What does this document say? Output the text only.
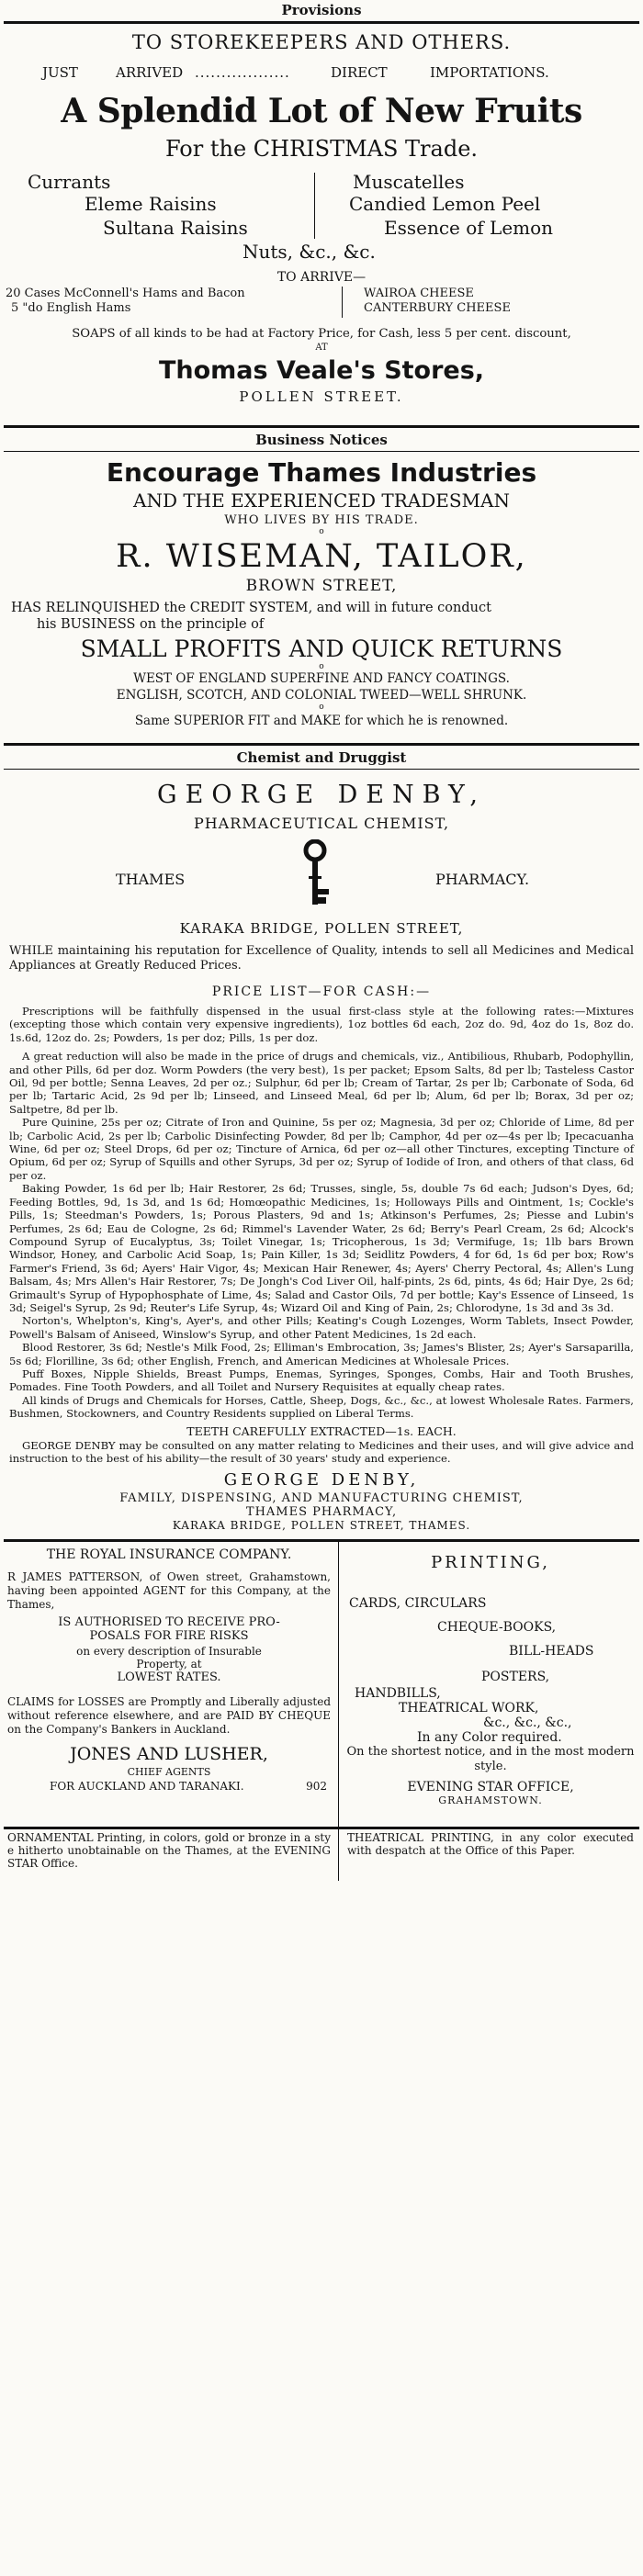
Provisions
TO STOREKEEPERS AND OTHERS.
JUST	ARRIVED ..................	DIRECT	IMPORTATIONS.
A Splendid Lot of New Fruits
For the CHRISTMAS Trade.
Currants
Eleme Raisins
Sultana Raisins
Muscatelles
Candied Lemon Peel
Essence of Lemon
Nuts, &c., &c.
TO ARRIVE—
20 Cases McConnell's Hams and Bacon
5 "do English Hams
WAIROA CHEESE
CANTERBURY CHEESE
SOAPS of all kinds to be had at Factory Price, for Cash, less 5 per cent. discount,
AT
Thomas Veale's Stores,
POLLEN STREET.
Business Notices
Encourage Thames Industries
AND THE EXPERIENCED TRADESMAN
WHO LIVES BY HIS TRADE.
o
R. WISEMAN, TAILOR,
BROWN STREET,
HAS RELINQUISHED the CREDIT SYSTEM, and will in future conduct
his BUSINESS on the principle of
SMALL PROFITS AND QUICK RETURNS
o
WEST OF ENGLAND SUPERFINE AND FANCY COATINGS.
ENGLISH, SCOTCH, AND COLONIAL TWEED—WELL SHRUNK.
o
Same SUPERIOR FIT and MAKE for which he is renowned.
Chemist and Druggist
GEORGE DENBY,
PHARMACEUTICAL CHEMIST,
THAMES	PHARMACY.
KARAKA BRIDGE, POLLEN STREET,
WHILE maintaining his reputation for Excellence of Quality, intends to sell all Medicines and Medical Appliances at Greatly Reduced Prices.
PRICE LIST—FOR CASH:—
Prescriptions will be faithfully dispensed in the usual first-class style at the following rates:—Mixtures (excepting those which contain very expensive ingredients), 1oz bottles 6d each, 2oz do. 9d, 4oz do 1s, 8oz do. 1s.6d, 12oz do. 2s; Powders, 1s per doz; Pills, 1s per doz.
A great reduction will also be made in the price of drugs and chemicals, viz., Antibilious, Rhubarb, Podophyllin, and other Pills, 6d per doz. Worm Powders (the very best), 1s per packet; Epsom Salts, 8d per lb; Tasteless Castor Oil, 9d per bottle; Senna Leaves, 2d per oz.; Sulphur, 6d per lb; Cream of Tartar, 2s per lb; Carbonate of Soda, 6d per lb; Tartaric Acid, 2s 9d per lb; Linseed, and Linseed Meal, 6d per lb; Alum, 6d per lb; Borax, 3d per oz; Saltpetre, 8d per lb.
Pure Quinine, 25s per oz; Citrate of Iron and Quinine, 5s per oz; Magnesia, 3d per oz; Chloride of Lime, 8d per lb; Carbolic Acid, 2s per lb; Carbolic Disinfecting Powder, 8d per lb; Camphor, 4d per oz—4s per lb; Ipecacuanha Wine, 6d per oz; Steel Drops, 6d per oz; Tincture of Arnica, 6d per oz—all other Tinctures, excepting Tincture of Opium, 6d per oz; Syrup of Squills and other Syrups, 3d per oz; Syrup of Iodide of Iron, and others of that class, 6d per oz.
Baking Powder, 1s 6d per lb; Hair Restorer, 2s 6d; Trusses, single, 5s, double 7s 6d each; Judson's Dyes, 6d; Feeding Bottles, 9d, 1s 3d, and 1s 6d; Homœopathic Medicines, 1s; Holloways Pills and Ointment, 1s; Cockle's Pills, 1s; Steedman's Powders, 1s; Porous Plasters, 9d and 1s; Atkinson's Perfumes, 2s; Piesse and Lubin's Perfumes, 2s 6d; Eau de Cologne, 2s 6d; Rimmel's Lavender Water, 2s 6d; Berry's Pearl Cream, 2s 6d; Alcock's Compound Syrup of Eucalyptus, 3s; Toilet Vinegar, 1s; Tricopherous, 1s 3d; Vermifuge, 1s; 1lb bars Brown Windsor, Honey, and Carbolic Acid Soap, 1s; Pain Killer, 1s 3d; Seidlitz Powders, 4 for 6d, 1s 6d per box; Row's Farmer's Friend, 3s 6d; Ayers' Hair Vigor, 4s; Mexican Hair Renewer, 4s; Ayers' Cherry Pectoral, 4s; Allen's Lung Balsam, 4s; Mrs Allen's Hair Restorer, 7s; De Jongh's Cod Liver Oil, half-pints, 2s 6d, pints, 4s 6d; Hair Dye, 2s 6d; Grimault's Syrup of Hypophosphate of Lime, 4s; Salad and Castor Oils, 7d per bottle; Kay's Essence of Linseed, 1s 3d; Seigel's Syrup, 2s 9d; Reuter's Life Syrup, 4s; Wizard Oil and King of Pain, 2s; Chlorodyne, 1s 3d and 3s 3d.
Norton's, Whelpton's, King's, Ayer's, and other Pills; Keating's Cough Lozenges, Worm Tablets, Insect Powder, Powell's Balsam of Aniseed, Winslow's Syrup, and other Patent Medicines, 1s 2d each.
Blood Restorer, 3s 6d; Nestle's Milk Food, 2s; Elliman's Embrocation, 3s; James's Blister, 2s; Ayer's Sarsaparilla, 5s 6d; Florilline, 3s 6d; other English, French, and American Medicines at Wholesale Prices.
Puff Boxes, Nipple Shields, Breast Pumps, Enemas, Syringes, Sponges, Combs, Hair and Tooth Brushes, Pomades. Fine Tooth Powders, and all Toilet and Nursery Requisites at equally cheap rates.
All kinds of Drugs and Chemicals for Horses, Cattle, Sheep, Dogs, &c., &c., at lowest Wholesale Rates. Farmers, Bushmen, Stockowners, and Country Residents supplied on Liberal Terms.
TEETH CAREFULLY EXTRACTED—1s. EACH.
GEORGE DENBY may be consulted on any matter relating to Medicines and their uses, and will give advice and instruction to the best of his ability—the result of 30 years' study and experience.
GEORGE DENBY,
FAMILY, DISPENSING, AND MANUFACTURING CHEMIST,
THAMES PHARMACY,
KARAKA BRIDGE, POLLEN STREET, THAMES.
THE ROYAL INSURANCE COMPANY.
R JAMES PATTERSON, of Owen street, Grahamstown, having been appointed AGENT for this Company, at the Thames,
IS AUTHORISED TO RECEIVE PRO-
POSALS FOR FIRE RISKS
on every description of Insurable
Property, at
LOWEST RATES.
CLAIMS for LOSSES are Promptly and Liberally adjusted without reference elsewhere, and are PAID BY CHEQUE on the Company's Bankers in Auckland.
JONES AND LUSHER,
CHIEF AGENTS
FOR AUCKLAND AND TARANAKI.	902
PRINTING,
CARDS, CIRCULARS
CHEQUE-BOOKS,
BILL-HEADS
POSTERS,
HANDBILLS,
THEATRICAL WORK,
&c., &c., &c.,
In any Color required.
On the shortest notice, and in the most modern style.
EVENING STAR OFFICE,
GRAHAMSTOWN.
ORNAMENTAL Printing, in colors, gold or bronze in a sty e hitherto unobtainable on the Thames, at the EVENING STAR Office.
THEATRICAL PRINTING, in any color executed with despatch at the Office of this Paper.
